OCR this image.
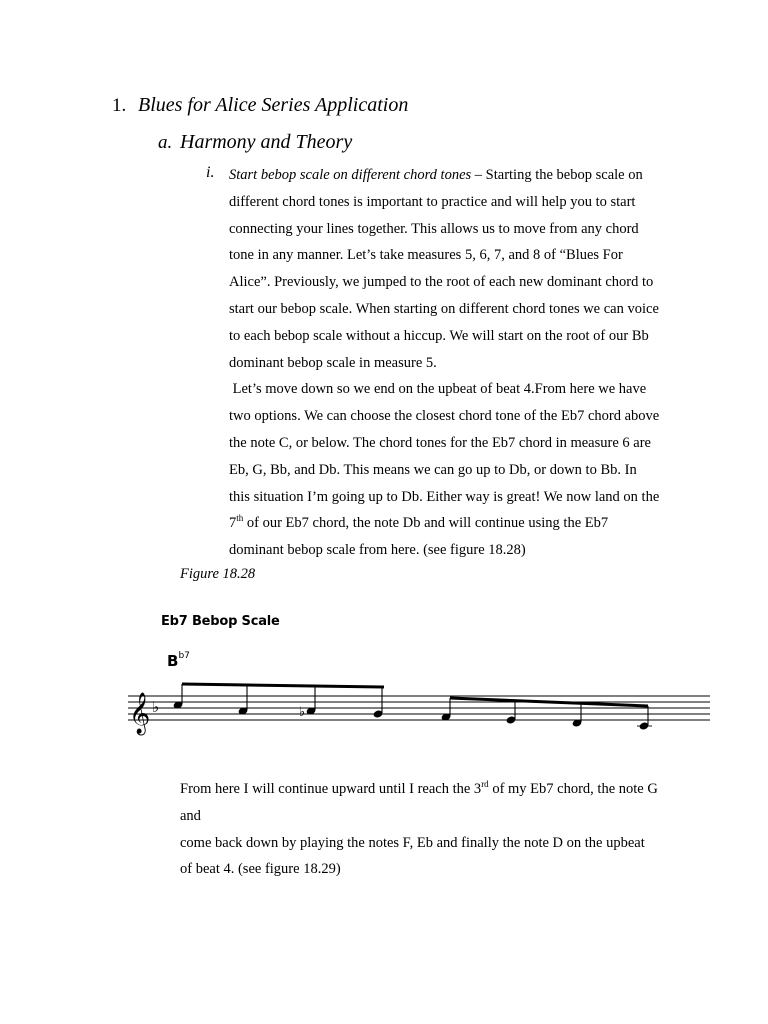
1. Blues for Alice Series Application
a. Harmony and Theory
i. Start bebop scale on different chord tones – Starting the bebop scale on
different chord tones is important to practice and will help you to start
connecting your lines together. This allows us to move from any chord
tone in any manner. Let’s take measures 5, 6, 7, and 8 of “Blues For
Alice”. Previously, we jumped to the root of each new dominant chord to
start our bebop scale. When starting on different chord tones we can voice
to each bebop scale without a hiccup. We will start on the root of our Bb
dominant bebop scale in measure 5.
Let’s move down so we end on the upbeat of beat 4.From here we have
two options. We can choose the closest chord tone of the Eb7 chord above
the note C, or below. The chord tones for the Eb7 chord in measure 6 are
Eb, G, Bb, and Db. This means we can go up to Db, or down to Bb. In
this situation I’m going up to Db. Either way is great! We now land on the
7th of our Eb7 chord, the note Db and will continue using the Eb7
dominant bebop scale from here. (see figure 18.28)
Figure 18.28
Eb7 Bebop Scale
$B^{b7}$
𝄞 ♭	♭
From here I will continue upward until I reach the 3rd of my Eb7 chord, the note G
and
come back down by playing the notes F, Eb and finally the note D on the upbeat
of beat 4. (see figure 18.29)
